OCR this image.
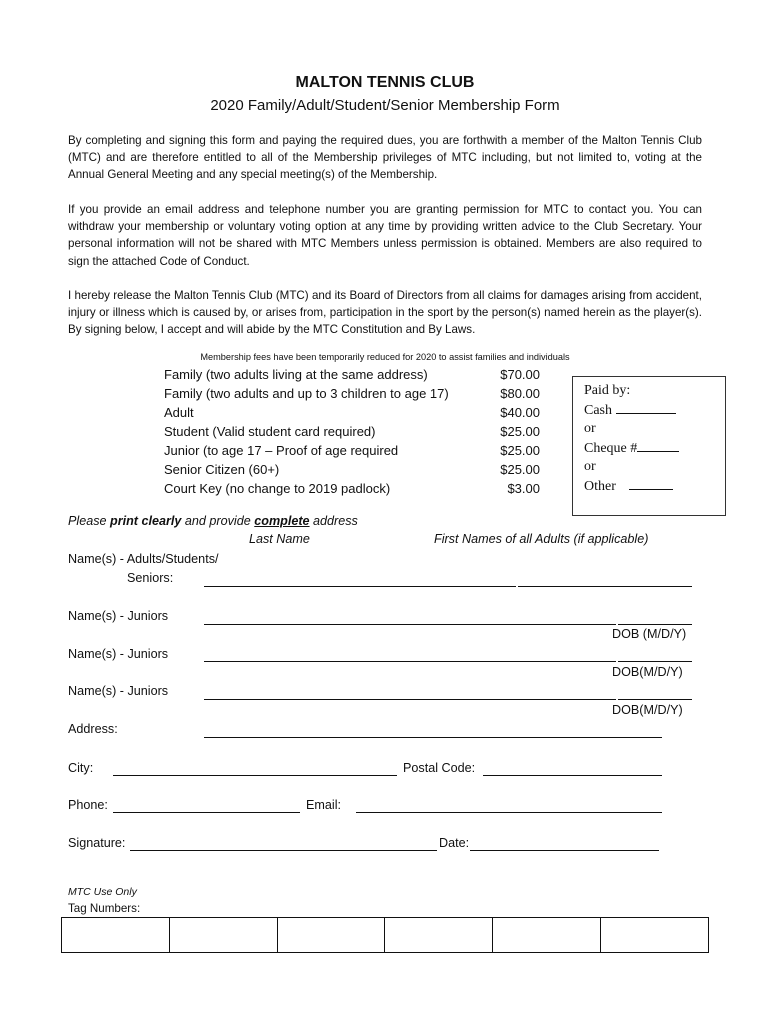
MALTON TENNIS CLUB
2020 Family/Adult/Student/Senior Membership Form
By completing and signing this form and paying the required dues, you are forthwith a member of the Malton Tennis Club (MTC) and are therefore entitled to all of the Membership privileges of MTC including, but not limited to, voting at the Annual General Meeting and any special meeting(s) of the Membership.
If you provide an email address and telephone number you are granting permission for MTC to contact you. You can withdraw your membership or voluntary voting option at any time by providing written advice to the Club Secretary. Your personal information will not be shared with MTC Members unless permission is obtained. Members are also required to sign the attached Code of Conduct.
I hereby release the Malton Tennis Club (MTC) and its Board of Directors from all claims for damages arising from accident, injury or illness which is caused by, or arises from, participation in the sport by the person(s) named herein as the player(s). By signing below, I accept and will abide by the MTC Constitution and By Laws.
Membership fees have been temporarily reduced for 2020 to assist families and individuals
Family (two adults living at the same address)	$70.00
Family (two adults and up to 3 children to age 17)	$80.00
Adult	$40.00
Student (Valid student card required)	$25.00
Junior (to age 17 – Proof of age required	$25.00
Senior Citizen (60+)	$25.00
Court Key (no change to 2019 padlock)	$3.00
Paid by:
Cash
or
Cheque #
or
Other
Please print clearly and provide complete address
Last Name	First Names of all Adults (if applicable)
Name(s) - Adults/Students/
Seniors:
Name(s) - Juniors
DOB (M/D/Y)
Name(s) - Juniors
DOB(M/D/Y)
Name(s) - Juniors
DOB(M/D/Y)
Address:
City:	Postal Code:
Phone:	Email:
Signature:	Date:
MTC Use Only
Tag Numbers:
